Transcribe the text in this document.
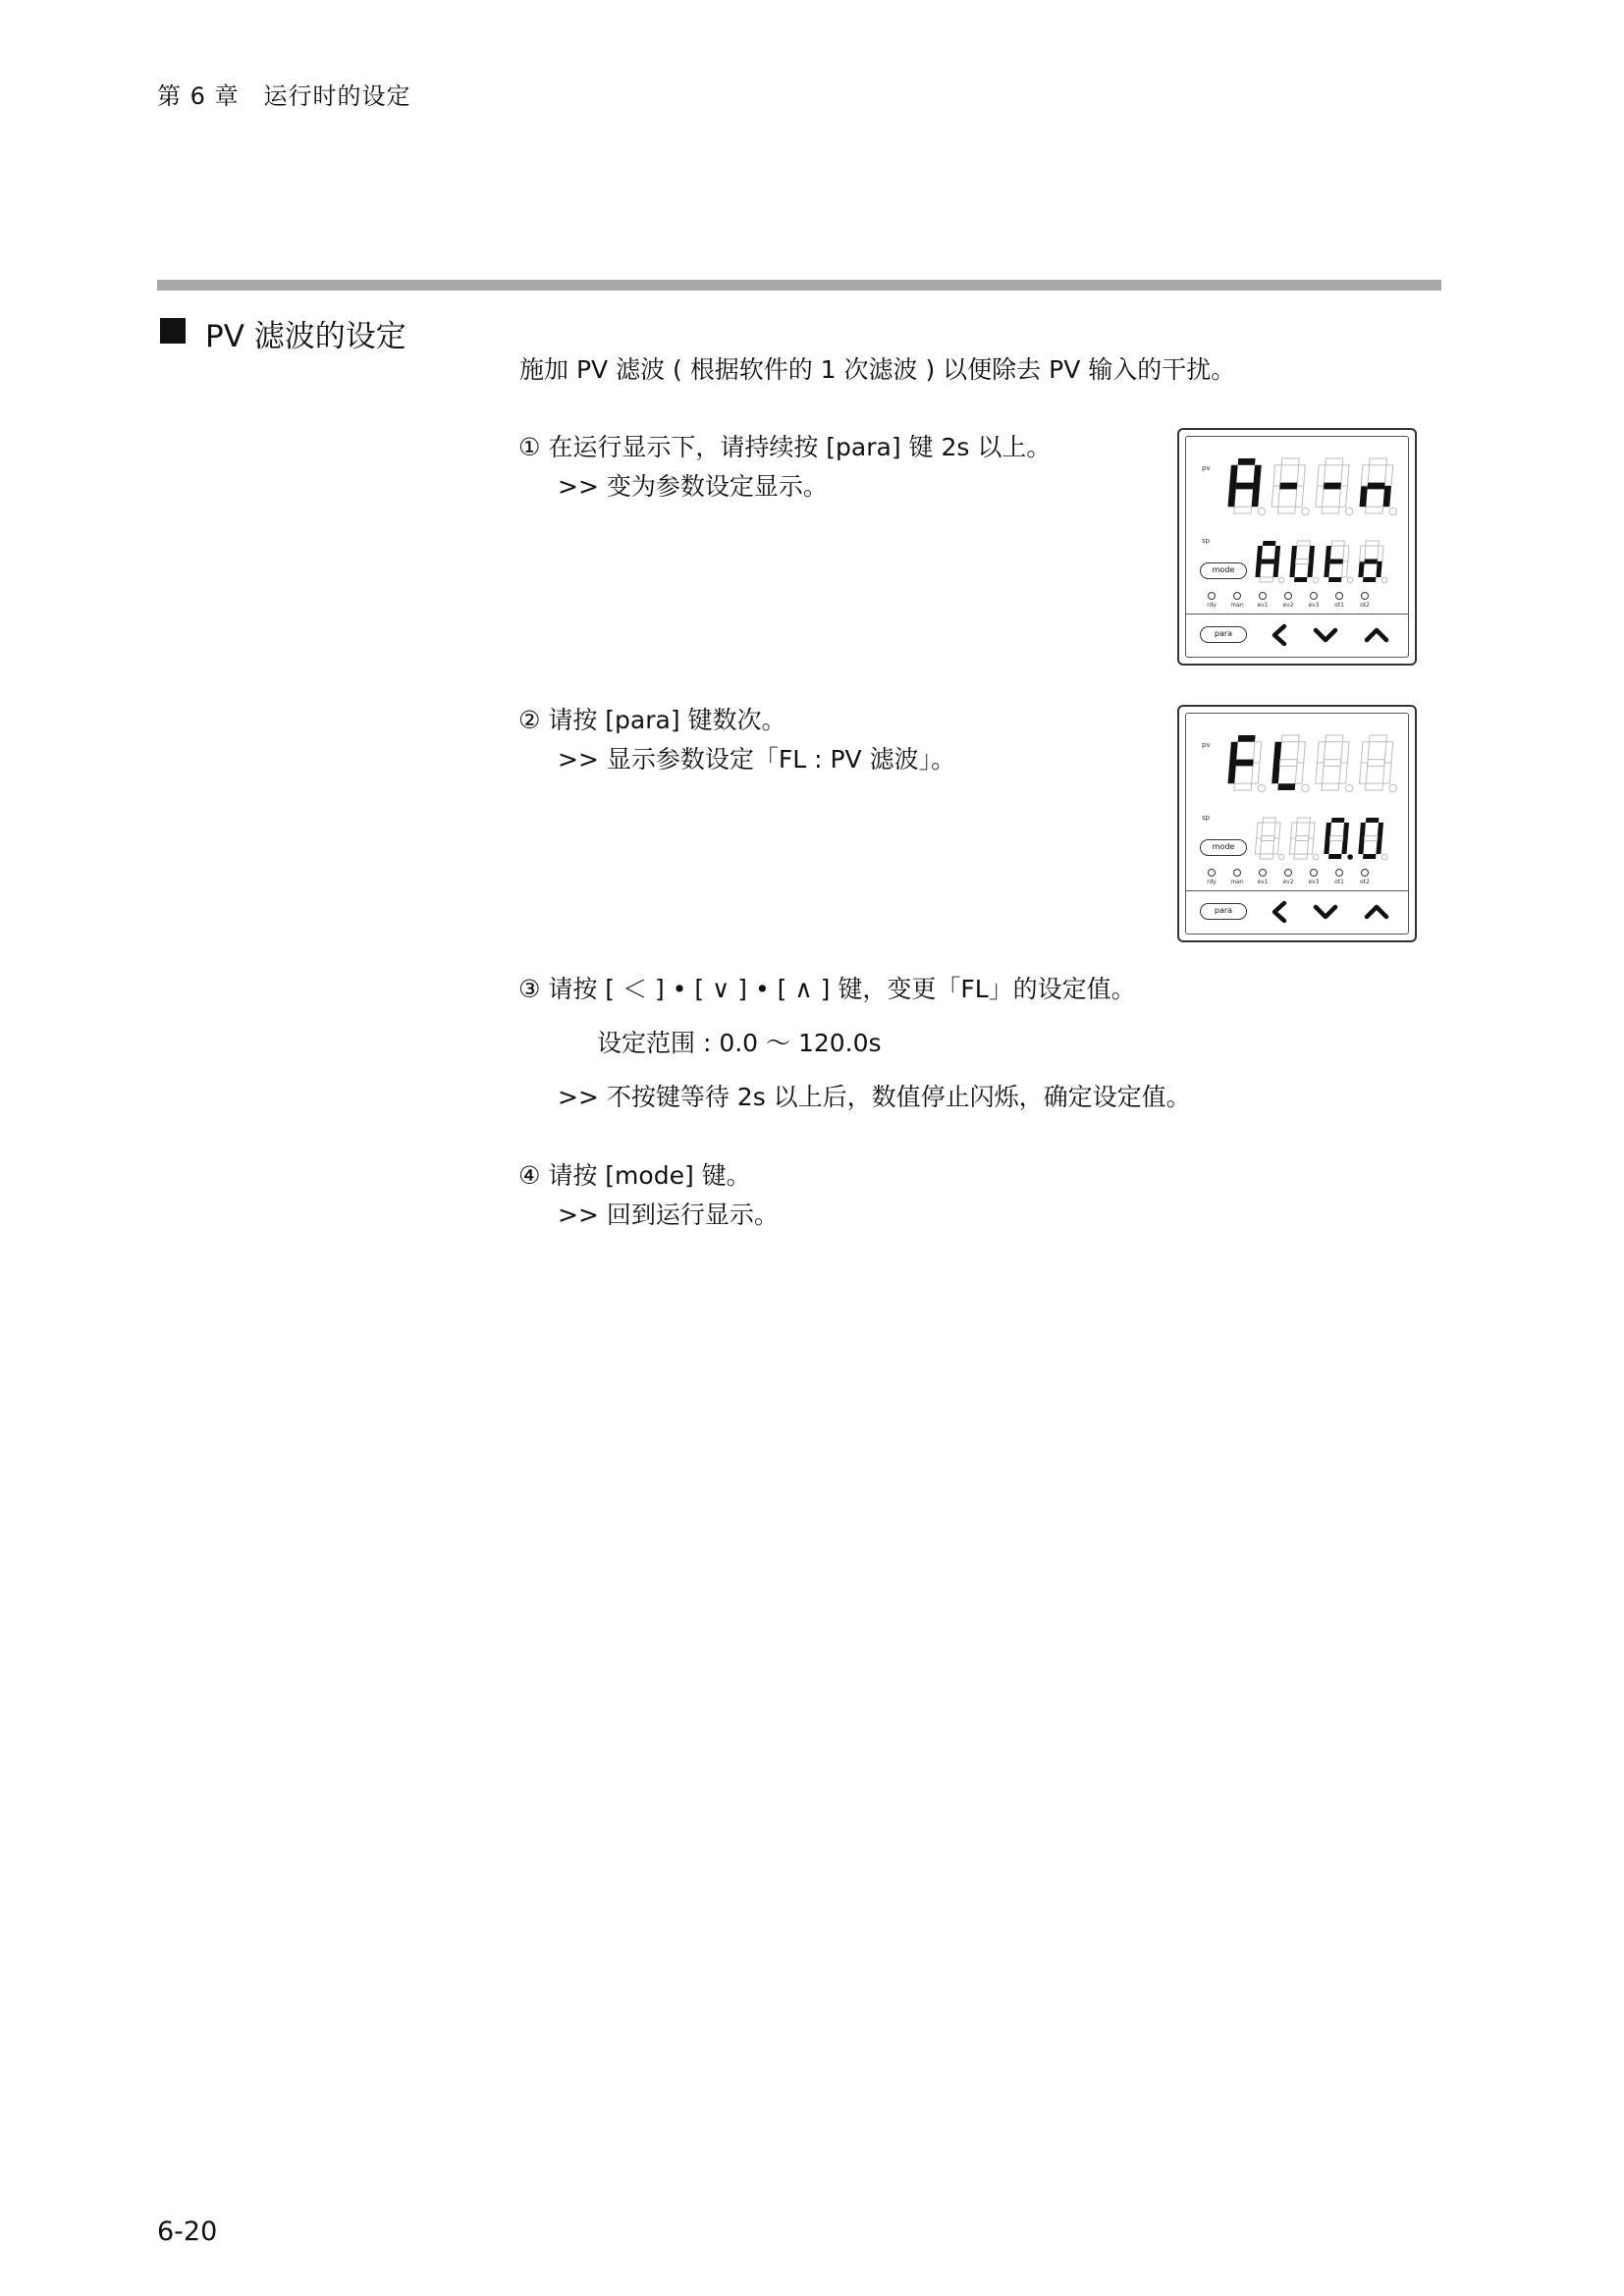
第 6 章　运行时的设定
PV 滤波的设定
施加 PV 滤波 ( 根据软件的 1 次滤波 ) 以便除去 PV 输入的干扰。
① 在运行显示下，请持续按 [para] 键 2s 以上。
>> 变为参数设定显示。
② 请按 [para] 键数次。
>> 显示参数设定「FL : PV 滤波」。
③ 请按 [ ＜ ] • [ ∨ ] • [ ∧ ] 键，变更「FL」的设定值。
设定范围 : 0.0 ～ 120.0s
>> 不按键等待 2s 以上后，数值停止闪烁，确定设定值。
④ 请按 [mode] 键。
>> 回到运行显示。
pv
sp
mode
rdy	man	ev1	ev2	ev3	ot1	ot2
para
pv
sp
mode
rdy	man	ev1	ev2	ev3	ot1	ot2
para
6-20
